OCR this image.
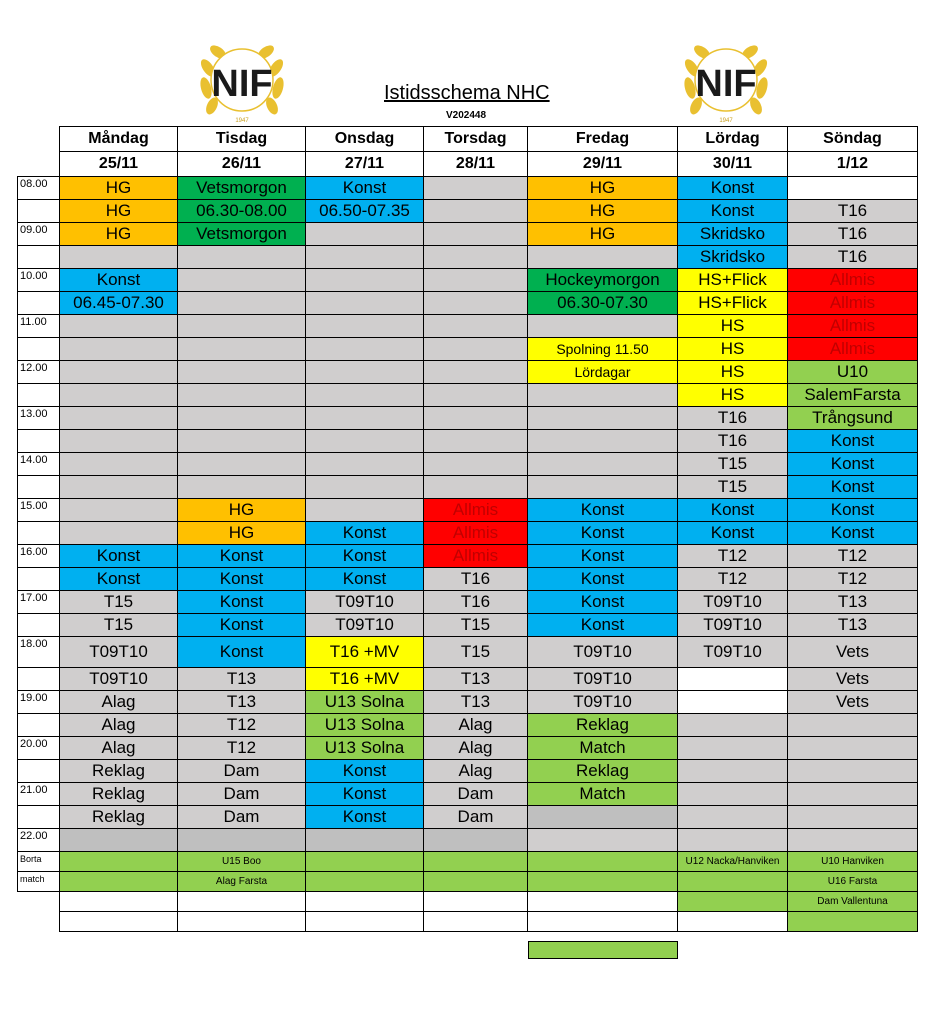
NIF
1947
NIF
1947
Istidsschema NHC
V202448
	Måndag	Tisdag	Onsdag	Torsdag	Fredag	Lördag	Söndag
	25/11	26/11	27/11	28/11	29/11	30/11	1/12
08.00	HG	Vetsmorgon	Konst		HG	Konst	
	HG	06.30-08.00	06.50-07.35		HG	Konst	T16
09.00	HG	Vetsmorgon			HG	Skridsko	T16
						Skridsko	T16
10.00	Konst				Hockeymorgon	HS+Flick	Allmis
	06.45-07.30				06.30-07.30	HS+Flick	Allmis
11.00						HS	Allmis
					Spolning 11.50	HS	Allmis
12.00					Lördagar	HS	U10
						HS	SalemFarsta
13.00						T16	Trångsund
						T16	Konst
14.00						T15	Konst
						T15	Konst
15.00		HG		Allmis	Konst	Konst	Konst
		HG	Konst	Allmis	Konst	Konst	Konst
16.00	Konst	Konst	Konst	Allmis	Konst	T12	T12
	Konst	Konst	Konst	T16	Konst	T12	T12
17.00	T15	Konst	T09T10	T16	Konst	T09T10	T13
	T15	Konst	T09T10	T15	Konst	T09T10	T13
18.00	T09T10	Konst	T16 +MV	T15	T09T10	T09T10	Vets
	T09T10	T13	T16 +MV	T13	T09T10		Vets
19.00	Alag	T13	U13 Solna	T13	T09T10		Vets
	Alag	T12	U13 Solna	Alag	Reklag		
20.00	Alag	T12	U13 Solna	Alag	Match		
	Reklag	Dam	Konst	Alag	Reklag		
21.00	Reklag	Dam	Konst	Dam	Match		
	Reklag	Dam	Konst	Dam			
22.00							
Borta		U15 Boo				U12 Nacka/Hanviken	U10 Hanviken
match		Alag Farsta					U16 Farsta
							Dam Vallentuna
